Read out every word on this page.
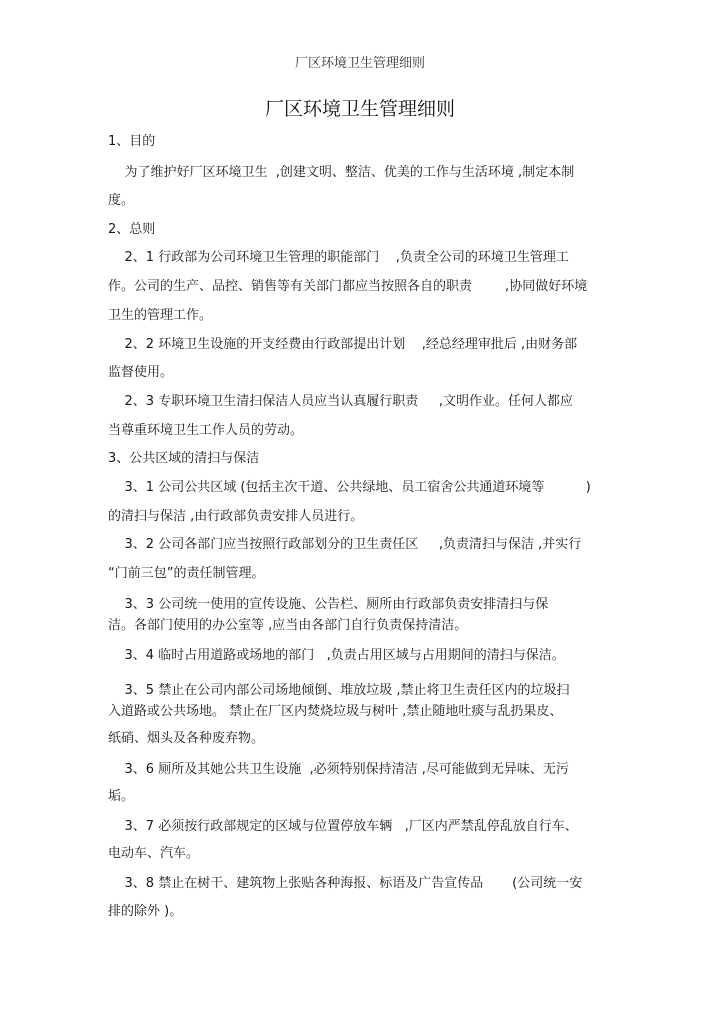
厂区环境卫生管理细则
厂区环境卫生管理细则
1、目的
为了维护好厂区环境卫生  ,创建文明、整洁、优美的工作与生活环境 ,制定本制
度。
2、总则
2、1 行政部为公司环境卫生管理的职能部门    ,负责全公司的环境卫生管理工
作。公司的生产、品控、销售等有关部门都应当按照各自的职责        ,协同做好环境
卫生的管理工作。
2、2 环境卫生设施的开支经费由行政部提出计划    ,经总经理审批后 ,由财务部
监督使用。
2、3 专职环境卫生清扫保洁人员应当认真履行职责     ,文明作业。任何人都应
当尊重环境卫生工作人员的劳动。
3、公共区域的清扫与保洁
3、1 公司公共区域 (包括主次干道、公共绿地、员工宿舍公共通道环境等          )
的清扫与保洁 ,由行政部负责安排人员进行。
3、2 公司各部门应当按照行政部划分的卫生责任区     ,负责清扫与保洁 ,并实行
“门前三包”的责任制管理。
3、3 公司统一使用的宣传设施、公告栏、厕所由行政部负责安排清扫与保
洁。各部门使用的办公室等 ,应当由各部门自行负责保持清洁。
3、4 临时占用道路或场地的部门   ,负责占用区域与占用期间的清扫与保洁。
3、5 禁止在公司内部公司场地倾倒、堆放垃圾 ,禁止将卫生责任区内的垃圾扫
入道路或公共场地。 禁止在厂区内焚烧垃圾与树叶 ,禁止随地吐痰与乱扔果皮、
纸硝、烟头及各种废弃物。
3、6 厕所及其她公共卫生设施  ,必须特别保持清洁 ,尽可能做到无异味、无污
垢。
3、7 必须按行政部规定的区域与位置停放车辆   ,厂区内严禁乱停乱放自行车、
电动车、汽车。
3、8 禁止在树干、建筑物上张贴各种海报、标语及广告宣传品       (公司统一安
排的除外 )。
